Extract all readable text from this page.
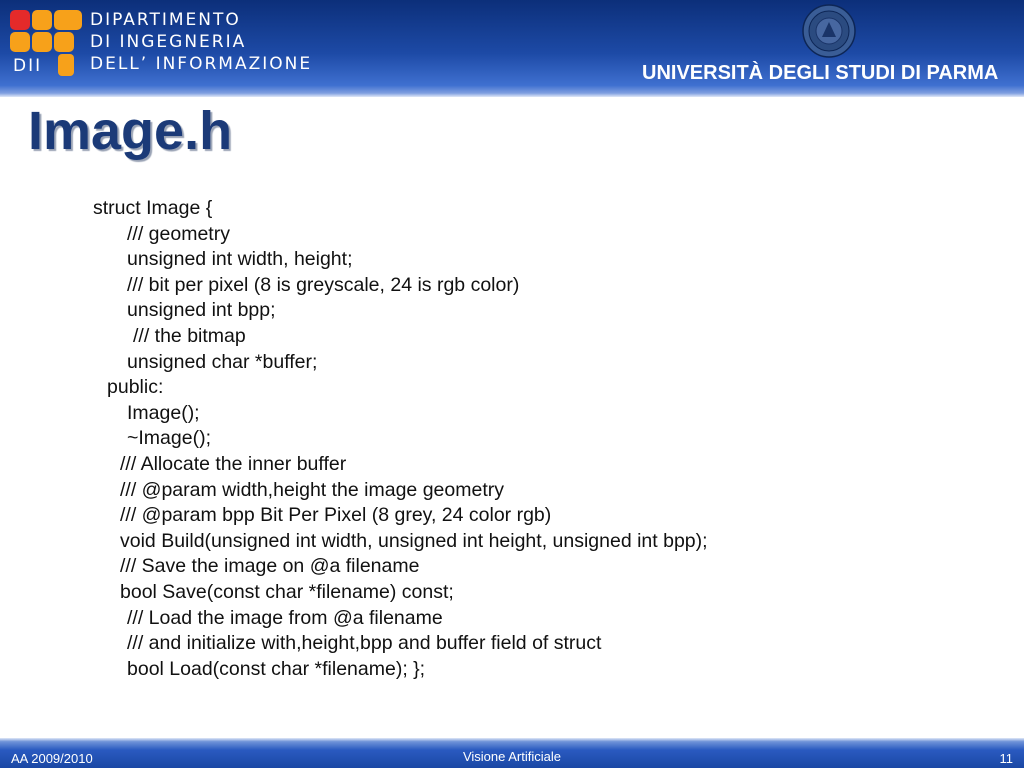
DII
DIPARTIMENTO
DI INGEGNERIA
DELL’ INFORMAZIONE	UNIVERSITÀ DEGLI STUDI DI PARMA
Image.h
struct Image {
/// geometry
unsigned int width, height;
/// bit per pixel (8 is greyscale, 24 is rgb color)
unsigned int bpp;
/// the bitmap
unsigned char *buffer;
public:
Image();
~Image();
/// Allocate the inner buffer
/// @param width,height the image geometry
/// @param bpp Bit Per Pixel (8 grey, 24 color rgb)
void Build(unsigned int width, unsigned int height, unsigned int bpp);
/// Save the image on @a filename
bool Save(const char *filename) const;
/// Load the image from @a filename
/// and initialize with,height,bpp and buffer field of struct
bool Load(const char *filename); };
AA 2009/2010	Visione Artificiale	11
